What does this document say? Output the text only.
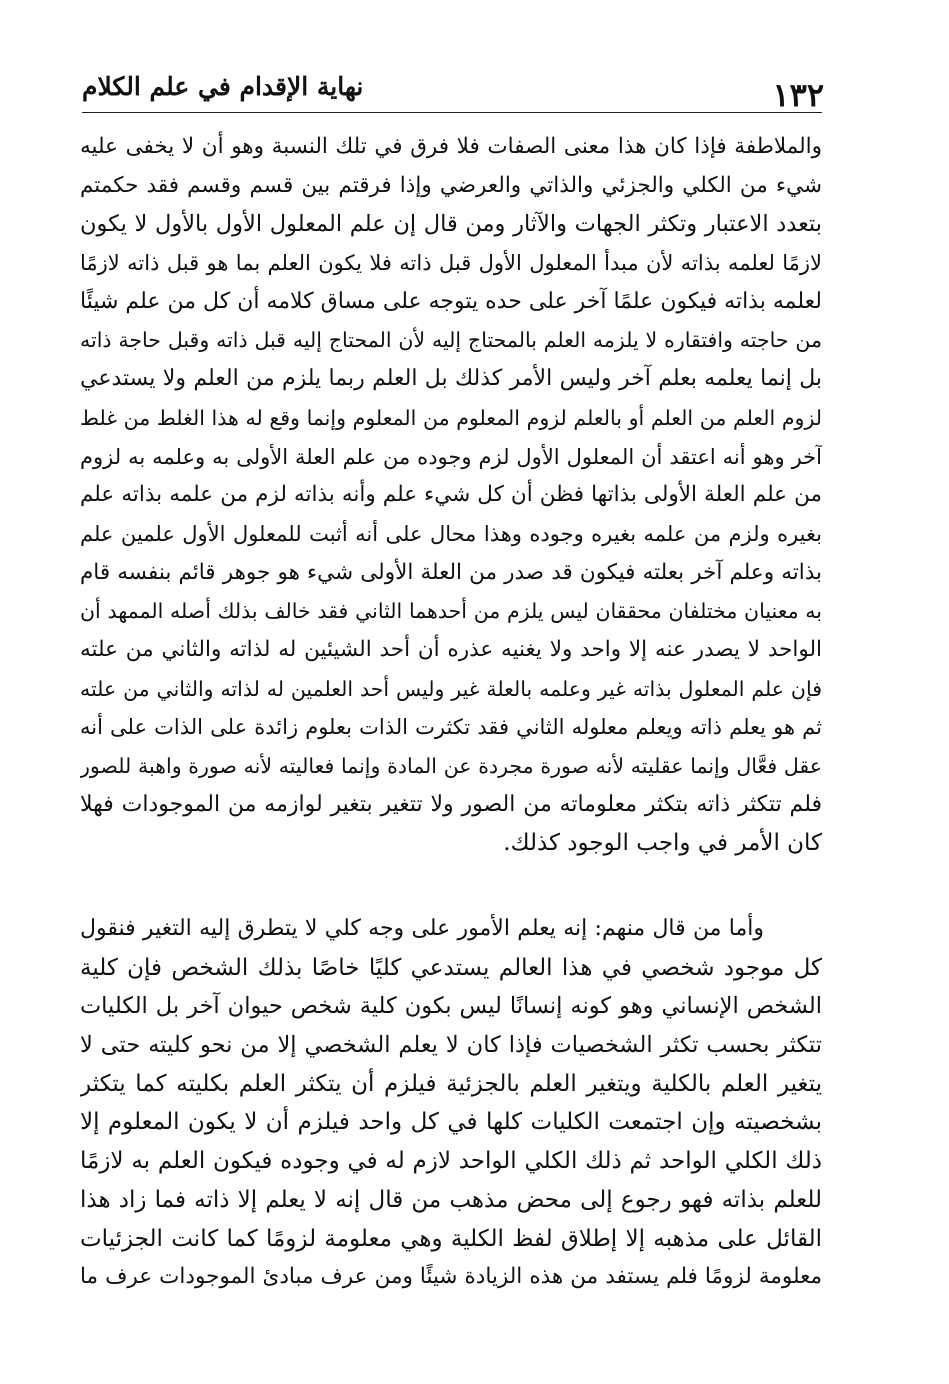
١٣٢
نهاية الإقدام في علم الكلام
والملاطفة فإذا كان هذا معنى الصفات فلا فرق في تلك النسبة وهو أن لا يخفى عليه
شيء من الكلي والجزئي والذاتي والعرضي وإذا فرقتم بين قسم وقسم فقد حكمتم
بتعدد الاعتبار وتكثر الجهات والآثار ومن قال إن علم المعلول الأول بالأول لا يكون
لازمًا لعلمه بذاته لأن مبدأ المعلول الأول قبل ذاته فلا يكون العلم بما هو قبل ذاته لازمًا
لعلمه بذاته فيكون علمًا آخر على حده يتوجه على مساق كلامه أن كل من علم شيئًا
من حاجته وافتقاره لا يلزمه العلم بالمحتاج إليه لأن المحتاج إليه قبل ذاته وقبل حاجة ذاته
بل إنما يعلمه بعلم آخر وليس الأمر كذلك بل العلم ربما يلزم من العلم ولا يستدعي
لزوم العلم من العلم أو بالعلم لزوم المعلوم من المعلوم وإنما وقع له هذا الغلط من غلط
آخر وهو أنه اعتقد أن المعلول الأول لزم وجوده من علم العلة الأولى به وعلمه به لزوم
من علم العلة الأولى بذاتها فظن أن كل شيء علم وأنه بذاته لزم من علمه بذاته علم
بغيره ولزم من علمه بغيره وجوده وهذا محال على أنه أثبت للمعلول الأول علمين علم
بذاته وعلم آخر بعلته فيكون قد صدر من العلة الأولى شيء هو جوهر قائم بنفسه قام
به معنيان مختلفان محققان ليس يلزم من أحدهما الثاني فقد خالف بذلك أصله الممهد أن
الواحد لا يصدر عنه إلا واحد ولا يغنيه عذره أن أحد الشيئين له لذاته والثاني من علته
فإن علم المعلول بذاته غير وعلمه بالعلة غير وليس أحد العلمين له لذاته والثاني من علته
ثم هو يعلم ذاته ويعلم معلوله الثاني فقد تكثرت الذات بعلوم زائدة على الذات على أنه
عقل فعَّال وإنما عقليته لأنه صورة مجردة عن المادة وإنما فعاليته لأنه صورة واهبة للصور
فلم تتكثر ذاته بتكثر معلوماته من الصور ولا تتغير بتغير لوازمه من الموجودات فهلا
كان الأمر في واجب الوجود كذلك.
وأما من قال منهم: إنه يعلم الأمور على وجه كلي لا يتطرق إليه التغير فنقول
كل موجود شخصي في هذا العالم يستدعي كليًا خاصًا بذلك الشخص فإن كلية
الشخص الإنساني وهو كونه إنسانًا ليس بكون كلية شخص حيوان آخر بل الكليات
تتكثر بحسب تكثر الشخصيات فإذا كان لا يعلم الشخصي إلا من نحو كليته حتى لا
يتغير العلم بالكلية ويتغير العلم بالجزئية فيلزم أن يتكثر العلم بكليته كما يتكثر
بشخصيته وإن اجتمعت الكليات كلها في كل واحد فيلزم أن لا يكون المعلوم إلا
ذلك الكلي الواحد ثم ذلك الكلي الواحد لازم له في وجوده فيكون العلم به لازمًا
للعلم بذاته فهو رجوع إلى محض مذهب من قال إنه لا يعلم إلا ذاته فما زاد هذا
القائل على مذهبه إلا إطلاق لفظ الكلية وهي معلومة لزومًا كما كانت الجزئيات
معلومة لزومًا فلم يستفد من هذه الزيادة شيئًا ومن عرف مبادئ الموجودات عرف ما
